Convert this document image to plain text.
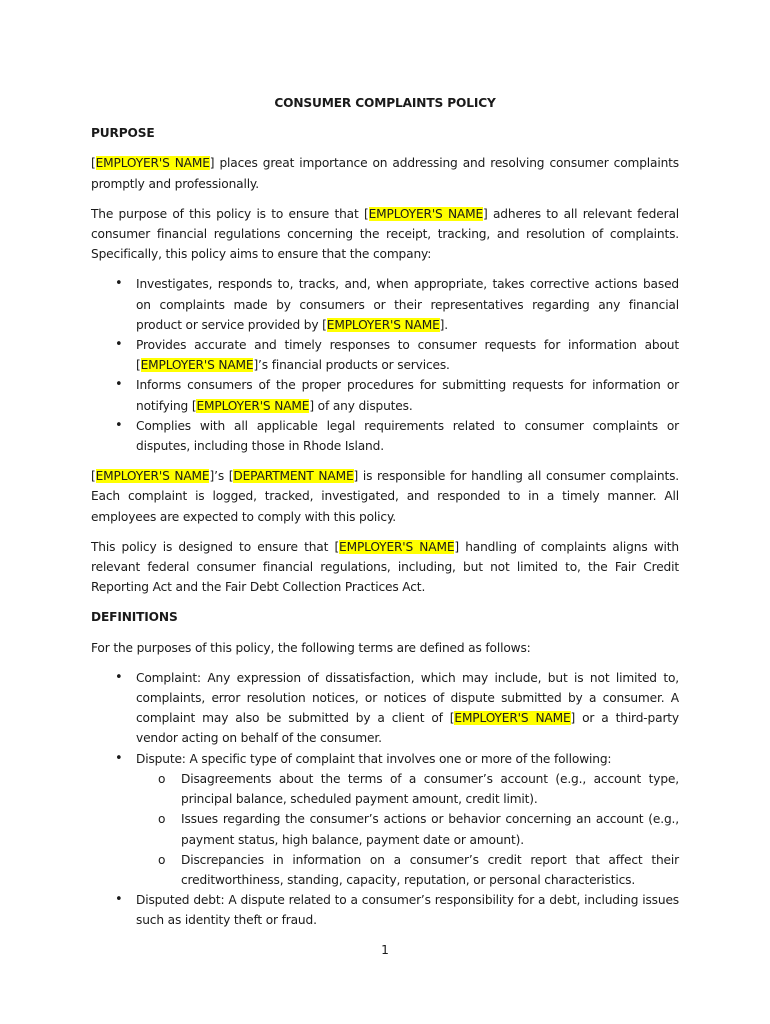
CONSUMER COMPLAINTS POLICY
PURPOSE

[EMPLOYER'S NAME] places great importance on addressing and resolving consumer complaints promptly and professionally.

The purpose of this policy is to ensure that [EMPLOYER'S NAME] adheres to all relevant federal consumer financial regulations concerning the receipt, tracking, and resolution of complaints. Specifically, this policy aims to ensure that the company:

• Investigates, responds to, tracks, and, when appropriate, takes corrective actions based on complaints made by consumers or their representatives regarding any financial product or service provided by [EMPLOYER'S NAME].
• Provides accurate and timely responses to consumer requests for information about [EMPLOYER'S NAME]’s financial products or services.
• Informs consumers of the proper procedures for submitting requests for information or notifying [EMPLOYER'S NAME] of any disputes.
• Complies with all applicable legal requirements related to consumer complaints or disputes, including those in Rhode Island.

[EMPLOYER'S NAME]’s [DEPARTMENT NAME] is responsible for handling all consumer complaints. Each complaint is logged, tracked, investigated, and responded to in a timely manner. All employees are expected to comply with this policy.

This policy is designed to ensure that [EMPLOYER'S NAME] handling of complaints aligns with relevant federal consumer financial regulations, including, but not limited to, the Fair Credit Reporting Act and the Fair Debt Collection Practices Act.

DEFINITIONS

For the purposes of this policy, the following terms are defined as follows:

• Complaint: Any expression of dissatisfaction, which may include, but is not limited to, complaints, error resolution notices, or notices of dispute submitted by a consumer. A complaint may also be submitted by a client of [EMPLOYER'S NAME] or a third-party vendor acting on behalf of the consumer.
• Dispute: A specific type of complaint that involves one or more of the following:
o Disagreements about the terms of a consumer’s account (e.g., account type, principal balance, scheduled payment amount, credit limit).
o Issues regarding the consumer’s actions or behavior concerning an account (e.g., payment status, high balance, payment date or amount).
o Discrepancies in information on a consumer’s credit report that affect their creditworthiness, standing, capacity, reputation, or personal characteristics.
• Disputed debt: A dispute related to a consumer’s responsibility for a debt, including issues such as identity theft or fraud.
1
